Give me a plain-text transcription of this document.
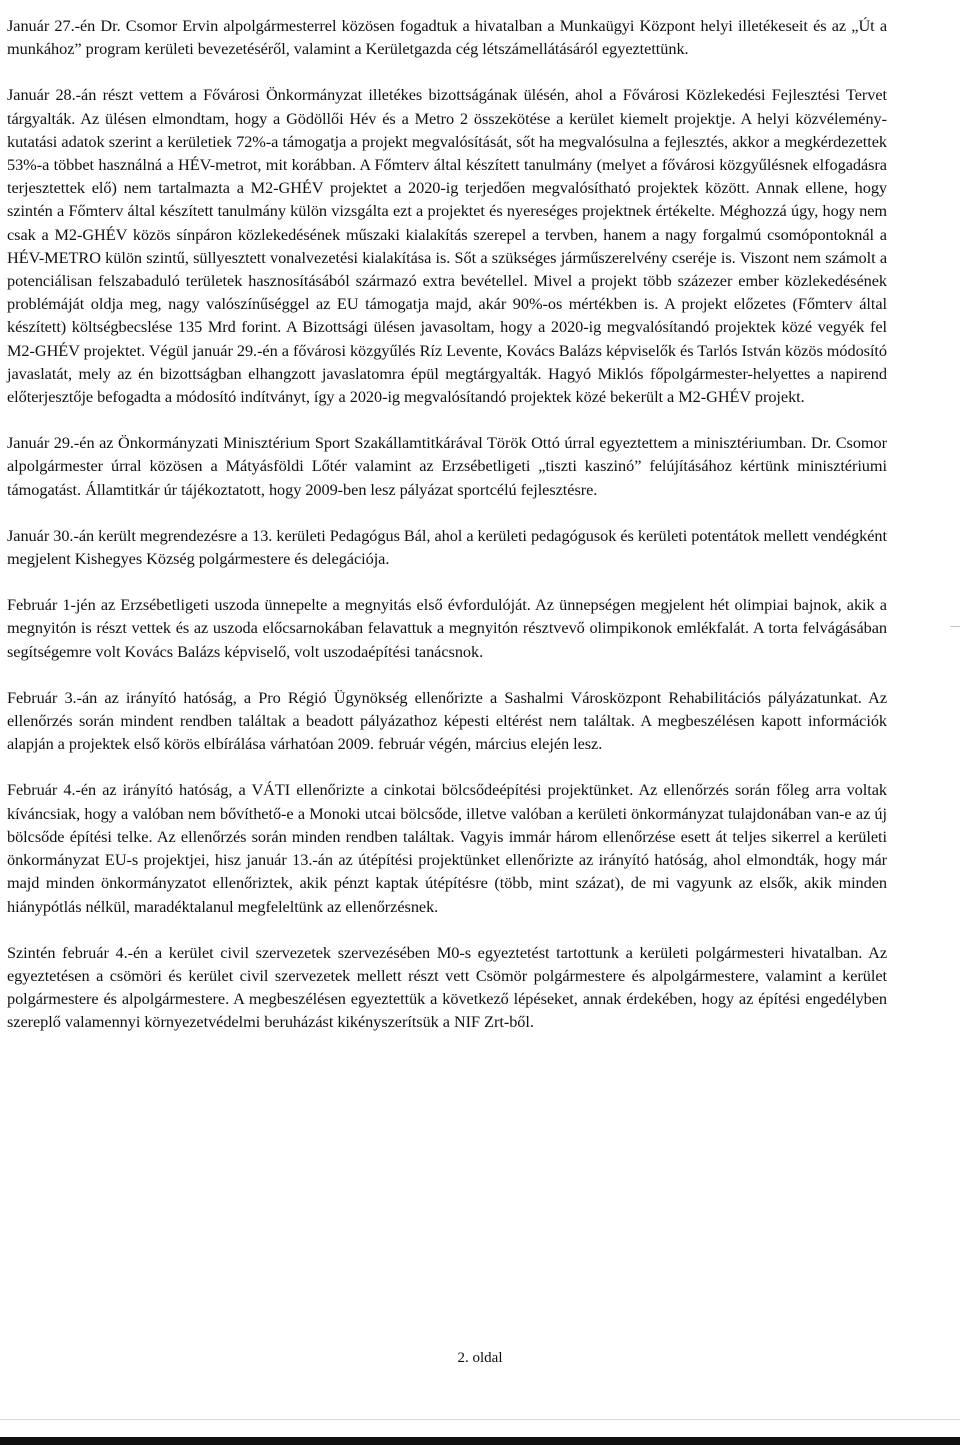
Január 27.-én Dr. Csomor Ervin alpolgármesterrel közösen fogadtuk a hivatalban a Munkaügyi Központ helyi illetékeseit és az „Út a munkához” program kerületi bevezetéséről, valamint a Kerületgazda cég létszámellátásáról egyeztettünk.

Január 28.-án részt vettem a Fővárosi Önkormányzat illetékes bizottságának ülésén, ahol a Fővárosi Közlekedési Fejlesztési Tervet tárgyalták. Az ülésen elmondtam, hogy a Gödöllői Hév és a Metro 2 összekötése a kerület kiemelt projektje. A helyi közvélemény-kutatási adatok szerint a kerületiek 72%-a támogatja a projekt megvalósítását, sőt ha megvalósulna a fejlesztés, akkor a megkérdezettek 53%-a többet használná a HÉV-metrot, mit korábban. A Főmterv által készített tanulmány (melyet a fővárosi közgyűlésnek elfogadásra terjesztettek elő) nem tartalmazta a M2-GHÉV projektet a 2020-ig terjedően megvalósítható projektek között. Annak ellene, hogy szintén a Főmterv által készített tanulmány külön vizsgálta ezt a projektet és nyereséges projektnek értékelte. Méghozzá úgy, hogy nem csak a M2-GHÉV közös sínpáron közlekedésének műszaki kialakítás szerepel a tervben, hanem a nagy forgalmú csomópontoknál a HÉV-METRO külön szintű, süllyesztett vonalvezetési kialakítása is. Sőt a szükséges járműszerelvény cseréje is. Viszont nem számolt a potenciálisan felszabaduló területek hasznosításából származó extra bevétellel. Mivel a projekt több százezer ember közlekedésének problémáját oldja meg, nagy valószínűséggel az EU támogatja majd, akár 90%-os mértékben is. A projekt előzetes (Főmterv által készített) költségbecslése 135 Mrd forint. A Bizottsági ülésen javasoltam, hogy a 2020-ig megvalósítandó projektek közé vegyék fel M2-GHÉV projektet. Végül január 29.-én a fővárosi közgyűlés Ríz Levente, Kovács Balázs képviselők és Tarlós István közös módosító javaslatát, mely az én bizottságban elhangzott javaslatomra épül megtárgyalták. Hagyó Miklós főpolgármester-helyettes a napirend előterjesztője befogadta a módosító indítványt, így a 2020-ig megvalósítandó projektek közé bekerült a M2-GHÉV projekt.

Január 29.-én az Önkormányzati Minisztérium Sport Szakállamtitkárával Török Ottó úrral egyeztettem a minisztériumban. Dr. Csomor alpolgármester úrral közösen a Mátyásföldi Lőtér valamint az Erzsébetligeti „tiszti kaszinó” felújításához kértünk minisztériumi támogatást. Államtitkár úr tájékoztatott, hogy 2009-ben lesz pályázat sportcélú fejlesztésre.

Január 30.-án került megrendezésre a 13. kerületi Pedagógus Bál, ahol a kerületi pedagógusok és kerületi potentátok mellett vendégként megjelent Kishegyes Község polgármestere és delegációja.

Február 1-jén az Erzsébetligeti uszoda ünnepelte a megnyitás első évfordulóját. Az ünnepségen megjelent hét olimpiai bajnok, akik a megnyitón is részt vettek és az uszoda előcsarnokában felavattuk a megnyitón résztvevő olimpikonok emlékfalát. A torta felvágásában segítségemre volt Kovács Balázs képviselő, volt uszodaépítési tanácsnok.

Február 3.-án az irányító hatóság, a Pro Régió Ügynökség ellenőrizte a Sashalmi Városközpont Rehabilitációs pályázatunkat. Az ellenőrzés során mindent rendben találtak a beadott pályázathoz képesti eltérést nem találtak. A megbeszélésen kapott információk alapján a projektek első körös elbírálása várhatóan 2009. február végén, március elején lesz.

Február 4.-én az irányító hatóság, a VÁTI ellenőrizte a cinkotai bölcsődeépítési projektünket. Az ellenőrzés során főleg arra voltak kíváncsiak, hogy a valóban nem bővíthető-e a Monoki utcai bölcsőde, illetve valóban a kerületi önkormányzat tulajdonában van-e az új bölcsőde építési telke. Az ellenőrzés során minden rendben találtak. Vagyis immár három ellenőrzése esett át teljes sikerrel a kerületi önkormányzat EU-s projektjei, hisz január 13.-án az útépítési projektünket ellenőrizte az irányító hatóság, ahol elmondták, hogy már majd minden önkormányzatot ellenőriztek, akik pénzt kaptak útépítésre (több, mint százat), de mi vagyunk az elsők, akik minden hiánypótlás nélkül, maradéktalanul megfeleltünk az ellenőrzésnek.

Szintén február 4.-én a kerület civil szervezetek szervezésében M0-s egyeztetést tartottunk a kerületi polgármesteri hivatalban. Az egyeztetésen a csömöri és kerület civil szervezetek mellett részt vett Csömör polgármestere és alpolgármestere, valamint a kerület polgármestere és alpolgármestere. A megbeszélésen egyeztettük a következő lépéseket, annak érdekében, hogy az építési engedélyben szereplő valamennyi környezetvédelmi beruházást kikényszerítsük a NIF Zrt-ből.

2. oldal
